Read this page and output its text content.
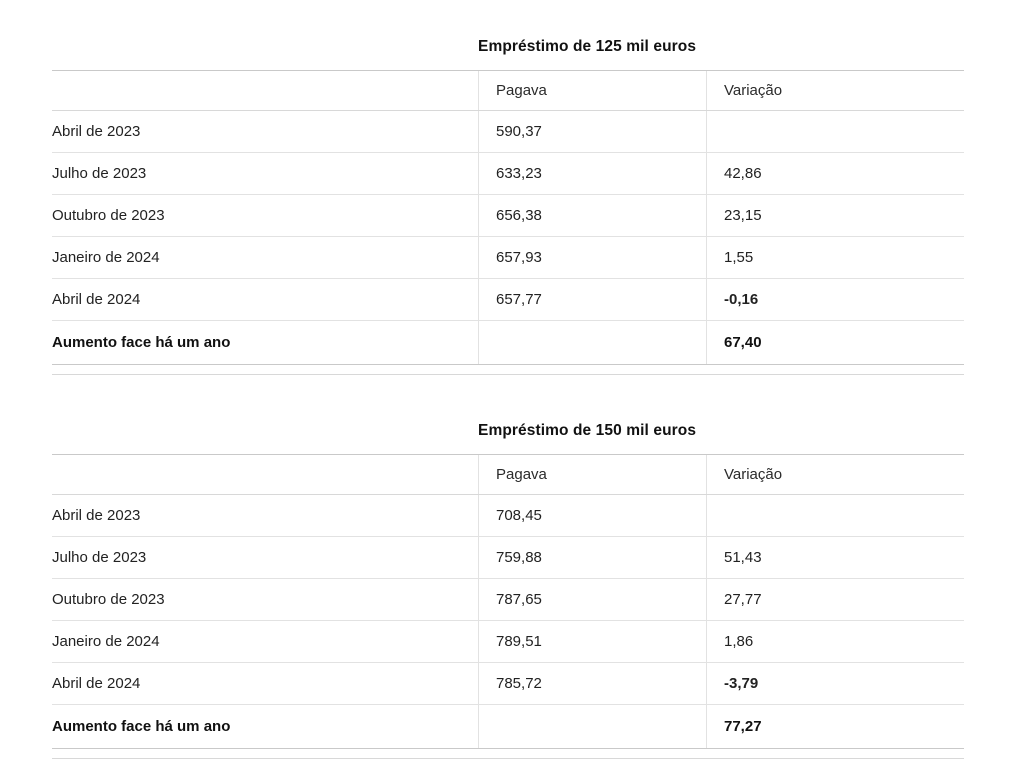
	Empréstimo de 125 mil euros	
	Pagava	Variação
Abril de 2023	590,37	
Julho de 2023	633,23	42,86
Outubro de 2023	656,38	23,15
Janeiro de 2024	657,93	1,55
Abril de 2024	657,77	-0,16
Aumento face há um ano		67,40
	Empréstimo de 150 mil euros	
	Pagava	Variação
Abril de 2023	708,45	
Julho de 2023	759,88	51,43
Outubro de 2023	787,65	27,77
Janeiro de 2024	789,51	1,86
Abril de 2024	785,72	-3,79
Aumento face há um ano		77,27
